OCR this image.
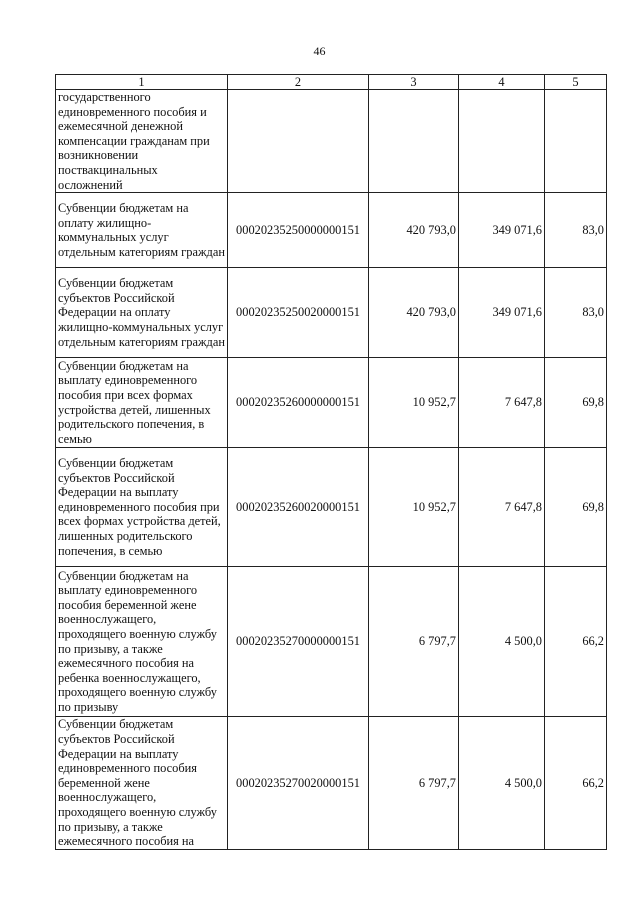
46
1	2	3	4	5
государственного единовременного пособия и ежемесячной денежной компенсации гражданам при возникновении поствакцинальных осложнений				
Субвенции бюджетам на оплату жилищно-коммунальных услуг отдельным категориям граждан	00020235250000000151	420 793,0	349 071,6	83,0
Субвенции бюджетам субъектов Российской Федерации на оплату жилищно-коммунальных услуг отдельным категориям граждан	00020235250020000151	420 793,0	349 071,6	83,0
Субвенции бюджетам на выплату единовременного пособия при всех формах устройства детей, лишенных родительского попечения, в семью	00020235260000000151	10 952,7	7 647,8	69,8
Субвенции бюджетам субъектов Российской Федерации на выплату единовременного пособия при всех формах устройства детей, лишенных родительского попечения, в семью	00020235260020000151	10 952,7	7 647,8	69,8
Субвенции бюджетам на выплату единовременного пособия беременной жене военнослужащего, проходящего военную службу по призыву, а также ежемесячного пособия на ребенка военнослужащего, проходящего военную службу по призыву	00020235270000000151	6 797,7	4 500,0	66,2
Субвенции бюджетам субъектов Российской Федерации на выплату единовременного пособия беременной жене военнослужащего, проходящего военную службу по призыву, а также ежемесячного пособия на	00020235270020000151	6 797,7	4 500,0	66,2
